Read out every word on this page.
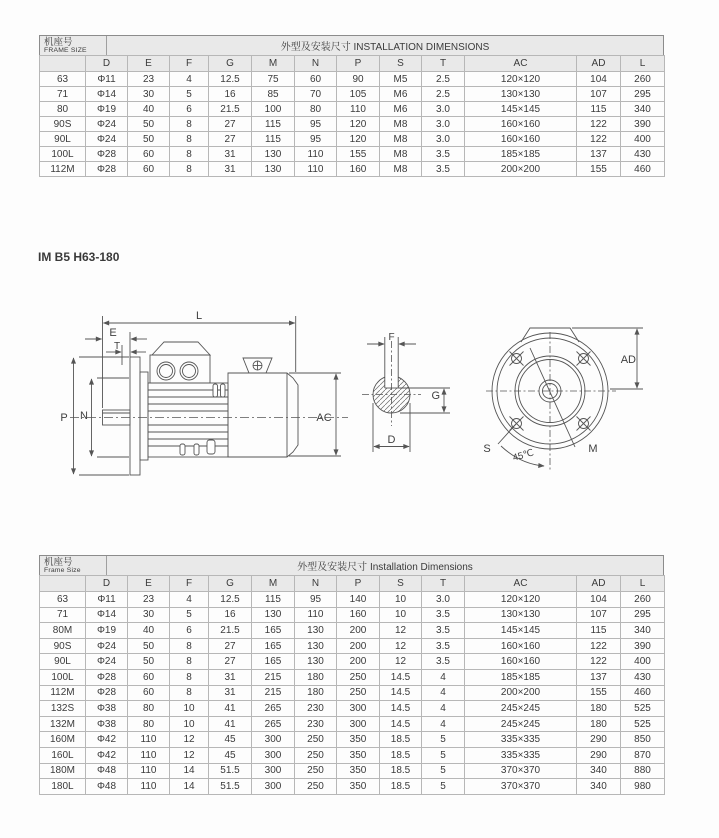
机座号
FRAME SIZE	外型及安装尺寸 INSTALLATION DIMENSIONS
	D	E	F	G	M	N	P	S	T	AC	AD	L
63	Φ11	23	4	12.5	75	60	90	M5	2.5	120×120	104	260
71	Φ14	30	5	16	85	70	105	M6	2.5	130×130	107	295
80	Φ19	40	6	21.5	100	80	110	M6	3.0	145×145	115	340
90S	Φ24	50	8	27	115	95	120	M8	3.0	160×160	122	390
90L	Φ24	50	8	27	115	95	120	M8	3.0	160×160	122	400
100L	Φ28	60	8	31	130	110	155	M8	3.5	185×185	137	430
112M	Φ28	60	8	31	130	110	160	M8	3.5	200×200	155	460
IM B5 H63-180
L
E
T
P N	AC
F
G
D
AD
S	M
45℃
机座号
Frame Size	外型及安装尺寸 Installation Dimensions
	D	E	F	G	M	N	P	S	T	AC	AD	L
63	Φ11	23	4	12.5	115	95	140	10	3.0	120×120	104	260
71	Φ14	30	5	16	130	110	160	10	3.5	130×130	107	295
80M	Φ19	40	6	21.5	165	130	200	12	3.5	145×145	115	340
90S	Φ24	50	8	27	165	130	200	12	3.5	160×160	122	390
90L	Φ24	50	8	27	165	130	200	12	3.5	160×160	122	400
100L	Φ28	60	8	31	215	180	250	14.5	4	185×185	137	430
112M	Φ28	60	8	31	215	180	250	14.5	4	200×200	155	460
132S	Φ38	80	10	41	265	230	300	14.5	4	245×245	180	525
132M	Φ38	80	10	41	265	230	300	14.5	4	245×245	180	525
160M	Φ42	110	12	45	300	250	350	18.5	5	335×335	290	850
160L	Φ42	110	12	45	300	250	350	18.5	5	335×335	290	870
180M	Φ48	110	14	51.5	300	250	350	18.5	5	370×370	340	880
180L	Φ48	110	14	51.5	300	250	350	18.5	5	370×370	340	980
